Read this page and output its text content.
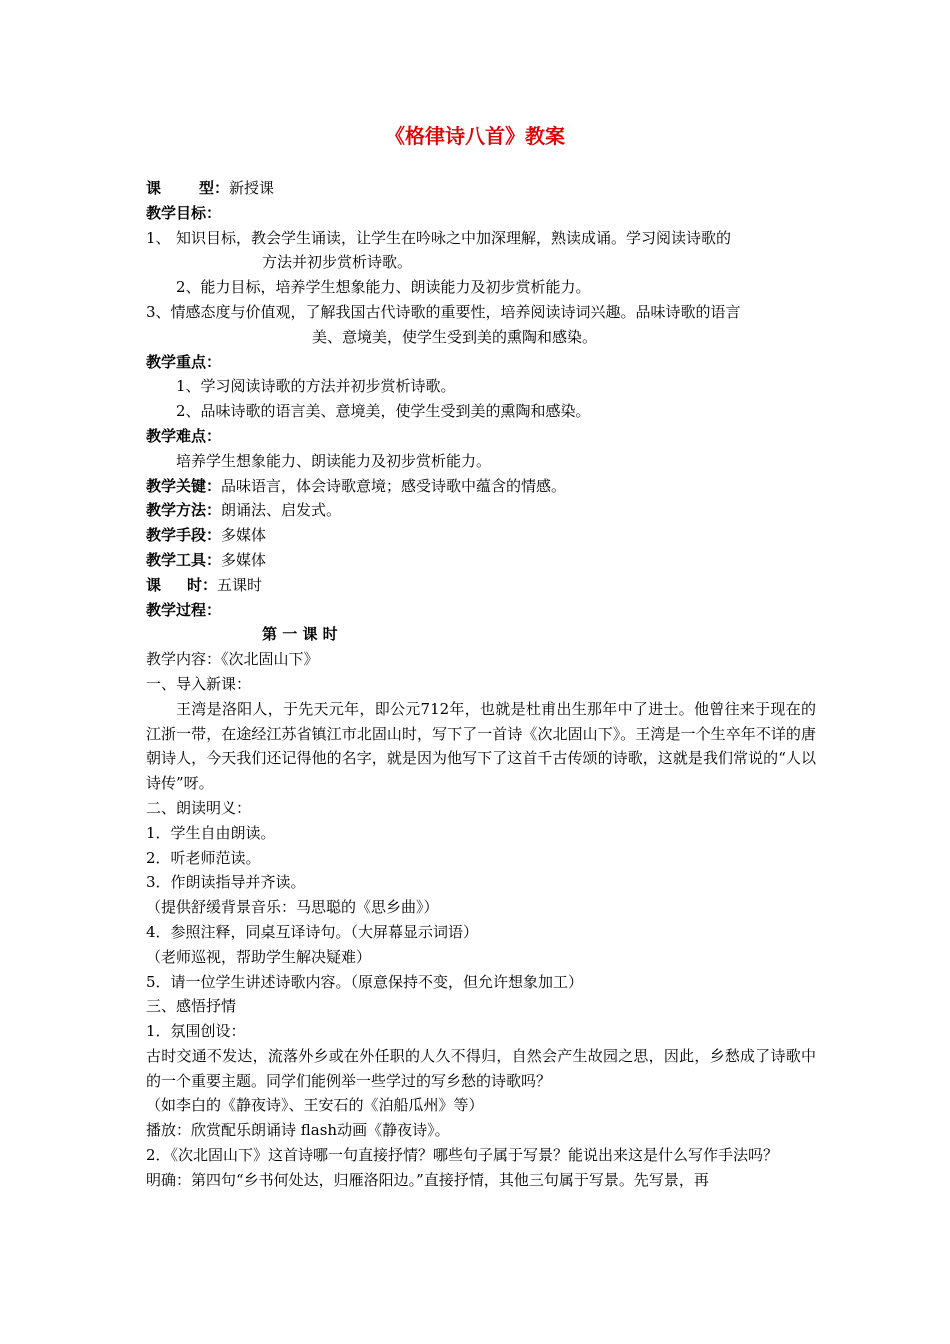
《格律诗八首》教案
课	型：新授课
教学目标：
1、 知识目标，教会学生诵读，让学生在吟咏之中加深理解，熟读成诵。学习阅读诗歌的
方法并初步赏析诗歌。
2、能力目标，培养学生想象能力、朗读能力及初步赏析能力。
3、情感态度与价值观，了解我国古代诗歌的重要性，培养阅读诗词兴趣。品味诗歌的语言
美、意境美，使学生受到美的熏陶和感染。
教学重点：
1、学习阅读诗歌的方法并初步赏析诗歌。
2、品味诗歌的语言美、意境美，使学生受到美的熏陶和感染。
教学难点：
培养学生想象能力、朗读能力及初步赏析能力。
教学关键：品味语言，体会诗歌意境；感受诗歌中蕴含的情感。
教学方法：朗诵法、启发式。
教学手段：多媒体
教学工具：多媒体
课 时：五课时
教学过程：
第 一 课 时
教学内容：《次北固山下》
一、导入新课：
王湾是洛阳人，于先天元年，即公元712年，也就是杜甫出生那年中了进士。他曾往来于现在的江浙一带，在途经江苏省镇江市北固山时，写下了一首诗《次北固山下》。王湾是一个生卒年不详的唐朝诗人，今天我们还记得他的名字，就是因为他写下了这首千古传颂的诗歌，这就是我们常说的“人以诗传”呀。
二、朗读明义：
1．学生自由朗读。
2．听老师范读。
3．作朗读指导并齐读。
（提供舒缓背景音乐：马思聪的《思乡曲》）
4．参照注释，同桌互译诗句。（大屏幕显示词语）
（老师巡视，帮助学生解决疑难）
5．请一位学生讲述诗歌内容。（原意保持不变，但允许想象加工）
三、感悟抒情
1．氛围创设：
古时交通不发达，流落外乡或在外任职的人久不得归，自然会产生故园之思，因此，乡愁成了诗歌中的一个重要主题。同学们能例举一些学过的写乡愁的诗歌吗？
（如李白的《静夜诗》、王安石的《泊船瓜州》等）
播放：欣赏配乐朗诵诗 flash动画《静夜诗》。
2．《次北固山下》这首诗哪一句直接抒情？哪些句子属于写景？能说出来这是什么写作手法吗？
明确：第四句“乡书何处达，归雁洛阳边。”直接抒情，其他三句属于写景。先写景，再
